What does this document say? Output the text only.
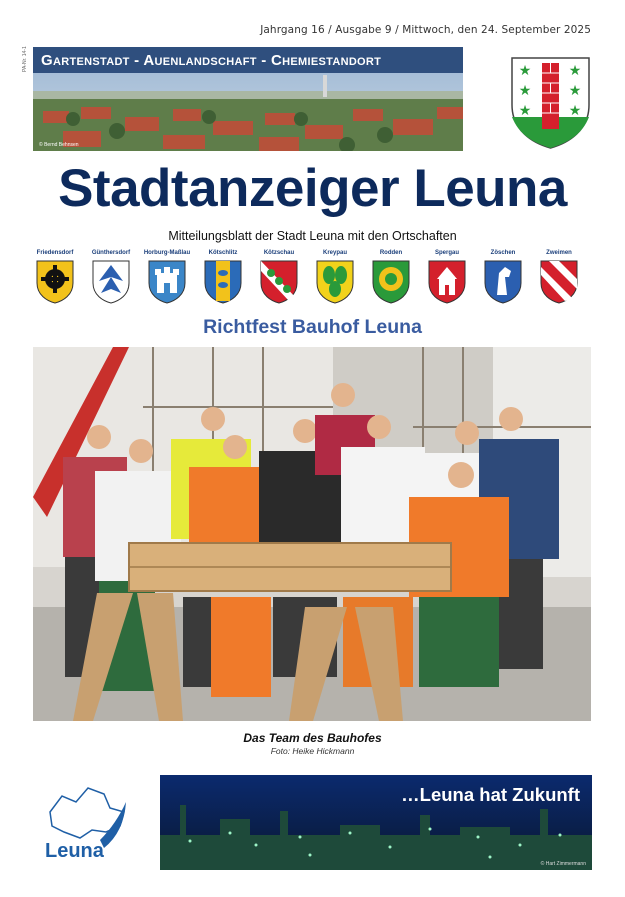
Jahrgang 16 / Ausgabe 9 / Mittwoch, den 24. September 2025
PA-Nr. 14-1 Gartenstadt - Auenlandschaft - Chemiestandort
© Bernd Behnsen
★	★
★	★
★	★
Stadtanzeiger Leuna
Mitteilungsblatt der Stadt Leuna mit den Ortschaften
Friedensdorf	Günthersdorf	Horburg-Maßlau	Kötschlitz	Kötzschau	Kreypau	Rodden	Spergau	Zöschen	Zweimen
Richtfest Bauhof Leuna
Das Team des Bauhofes
Foto: Heike Hickmann
Leuna
…Leuna hat Zukunft
© Hart Zimmermann
